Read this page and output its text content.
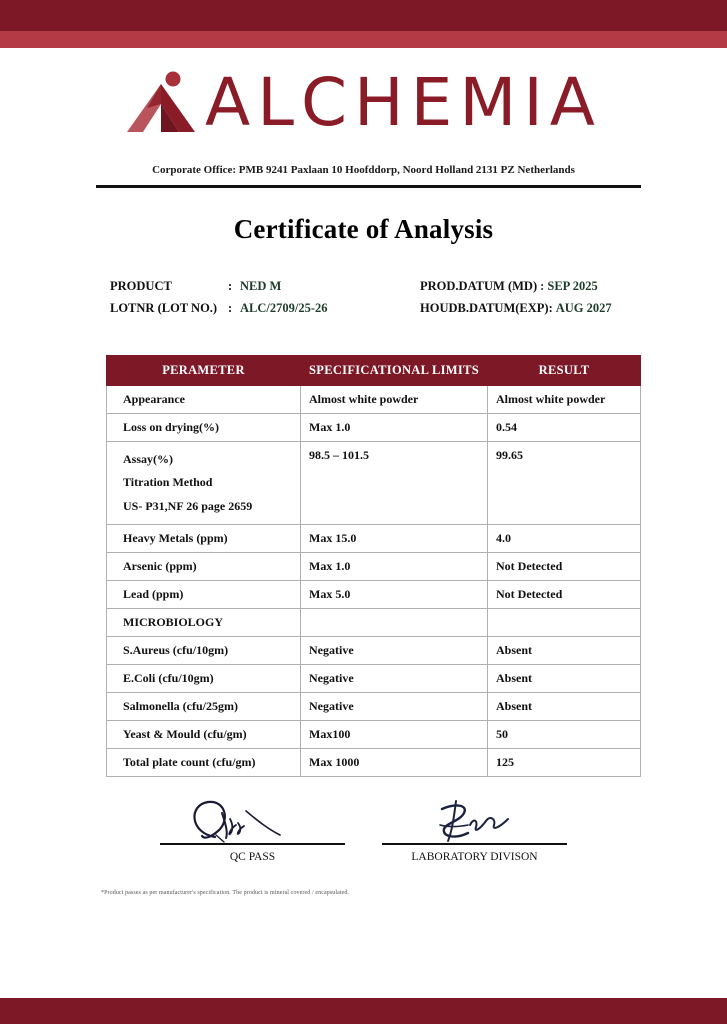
ALCHEMIA
Corporate Office: PMB 9241 Paxlaan 10 Hoofddorp, Noord Holland 2131 PZ Netherlands
Certificate of Analysis
PRODUCT	: NED M	PROD.DATUM (MD) : SEP 2025
LOTNR (LOT NO.) : ALC/2709/25-26	HOUDB.DATUM(EXP): AUG 2027
PERAMETER	SPECIFICATIONAL LIMITS	RESULT
Appearance	Almost white powder	Almost white powder
Loss on drying(%)	Max 1.0	0.54
Assay(%)
Titration Method
US- P31,NF 26 page 2659	98.5 – 101.5	99.65
Heavy Metals (ppm)	Max 15.0	4.0
Arsenic (ppm)	Max 1.0	Not Detected
Lead (ppm)	Max 5.0	Not Detected
MICROBIOLOGY		
S.Aureus (cfu/10gm)	Negative	Absent
E.Coli (cfu/10gm)	Negative	Absent
Salmonella (cfu/25gm)	Negative	Absent
Yeast & Mould (cfu/gm)	Max100	50
Total plate count (cfu/gm)	Max 1000	125
QC PASS	LABORATORY DIVISON
*Product passes as per manufacturer's specification. The product is mineral covered / encapsulated.
